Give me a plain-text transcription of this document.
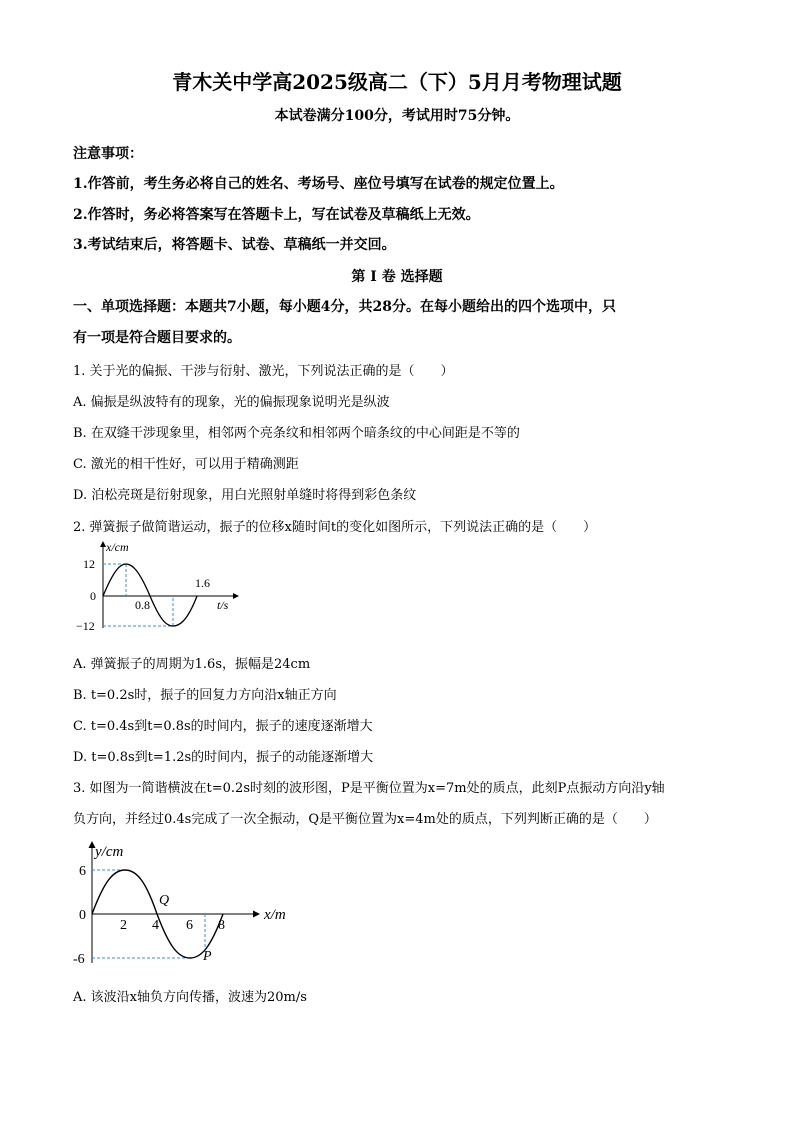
青木关中学高2025级高二（下）5月月考物理试题
本试卷满分100分，考试用时75分钟。
注意事项：
1.作答前，考生务必将自己的姓名、考场号、座位号填写在试卷的规定位置上。
2.作答时，务必将答案写在答题卡上，写在试卷及草稿纸上无效。
3.考试结束后，将答题卡、试卷、草稿纸一并交回。
第 I 卷 选择题
一、单项选择题：本题共7小题，每小题4分，共28分。在每小题给出的四个选项中，只
有一项是符合题目要求的。
1. 关于光的偏振、干涉与衍射、激光，下列说法正确的是（　　）
A. 偏振是纵波特有的现象，光的偏振现象说明光是纵波
B. 在双缝干涉现象里，相邻两个亮条纹和相邻两个暗条纹的中心间距是不等的
C. 激光的相干性好，可以用于精确测距
D. 泊松亮斑是衍射现象，用白光照射单缝时将得到彩色条纹
2. 弹簧振子做简谐运动，振子的位移x随时间t的变化如图所示，下列说法正确的是（　　）
x/cm
12
0
−12
0.8
1.6
t/s
A. 弹簧振子的周期为1.6s，振幅是24cm
B. t=0.2s时，振子的回复力方向沿x轴正方向
C. t=0.4s到t=0.8s的时间内，振子的速度逐渐增大
D. t=0.8s到t=1.2s的时间内，振子的动能逐渐增大
3. 如图为一简谐横波在t=0.2s时刻的波形图，P是平衡位置为x=7m处的质点，此刻P点振动方向沿y轴
负方向，并经过0.4s完成了一次全振动，Q是平衡位置为x=4m处的质点，下列判断正确的是（　　）
y/cm
6
0
-6
2 4 6 8
Q
P
x/m
A. 该波沿x轴负方向传播，波速为20m/s
